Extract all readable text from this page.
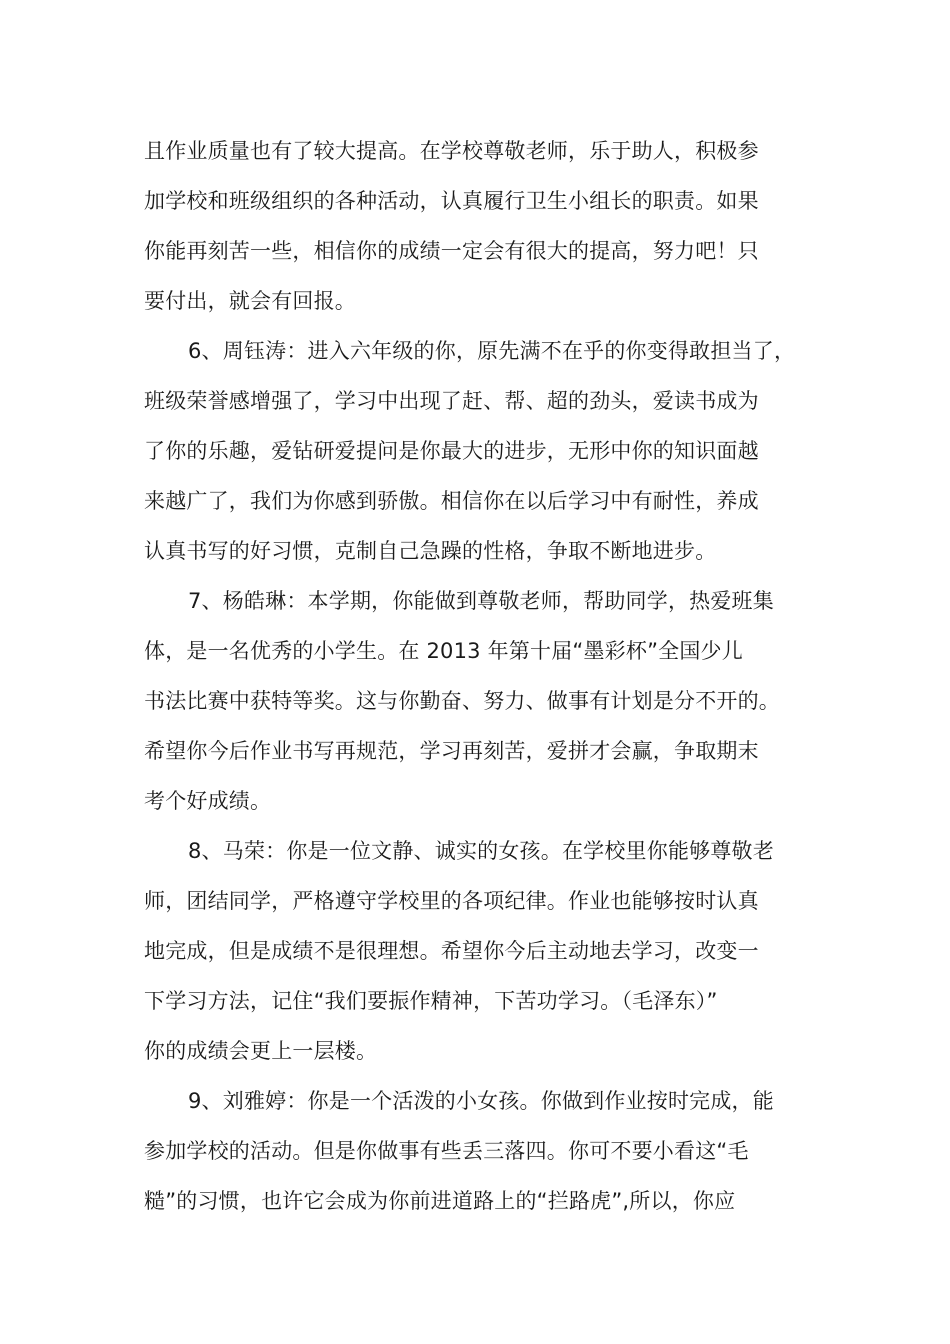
且作业质量也有了较大提高。在学校尊敬老师，乐于助人，积极参
加学校和班级组织的各种活动，认真履行卫生小组长的职责。如果
你能再刻苦一些，相信你的成绩一定会有很大的提高，努力吧！只
要付出，就会有回报。
6、周钰涛：进入六年级的你，原先满不在乎的你变得敢担当了，
班级荣誉感增强了，学习中出现了赶、帮、超的劲头，爱读书成为
了你的乐趣，爱钻研爱提问是你最大的进步，无形中你的知识面越
来越广了，我们为你感到骄傲。相信你在以后学习中有耐性，养成
认真书写的好习惯，克制自己急躁的性格，争取不断地进步。
7、杨皓琳：本学期，你能做到尊敬老师，帮助同学，热爱班集
体，是一名优秀的小学生。在 2013 年第十届“墨彩杯”全国少儿
书法比赛中获特等奖。这与你勤奋、努力、做事有计划是分不开的。
希望你今后作业书写再规范，学习再刻苦，爱拼才会赢，争取期末
考个好成绩。
8、马荣：你是一位文静、诚实的女孩。在学校里你能够尊敬老
师，团结同学，严格遵守学校里的各项纪律。作业也能够按时认真
地完成，但是成绩不是很理想。希望你今后主动地去学习，改变一
下学习方法，记住“我们要振作精神，下苦功学习。（毛泽东）”
你的成绩会更上一层楼。
9、刘雅婷：你是一个活泼的小女孩。你做到作业按时完成，能
参加学校的活动。但是你做事有些丢三落四。你可不要小看这“毛
糙”的习惯，也许它会成为你前进道路上的“拦路虎”,所以，你应
